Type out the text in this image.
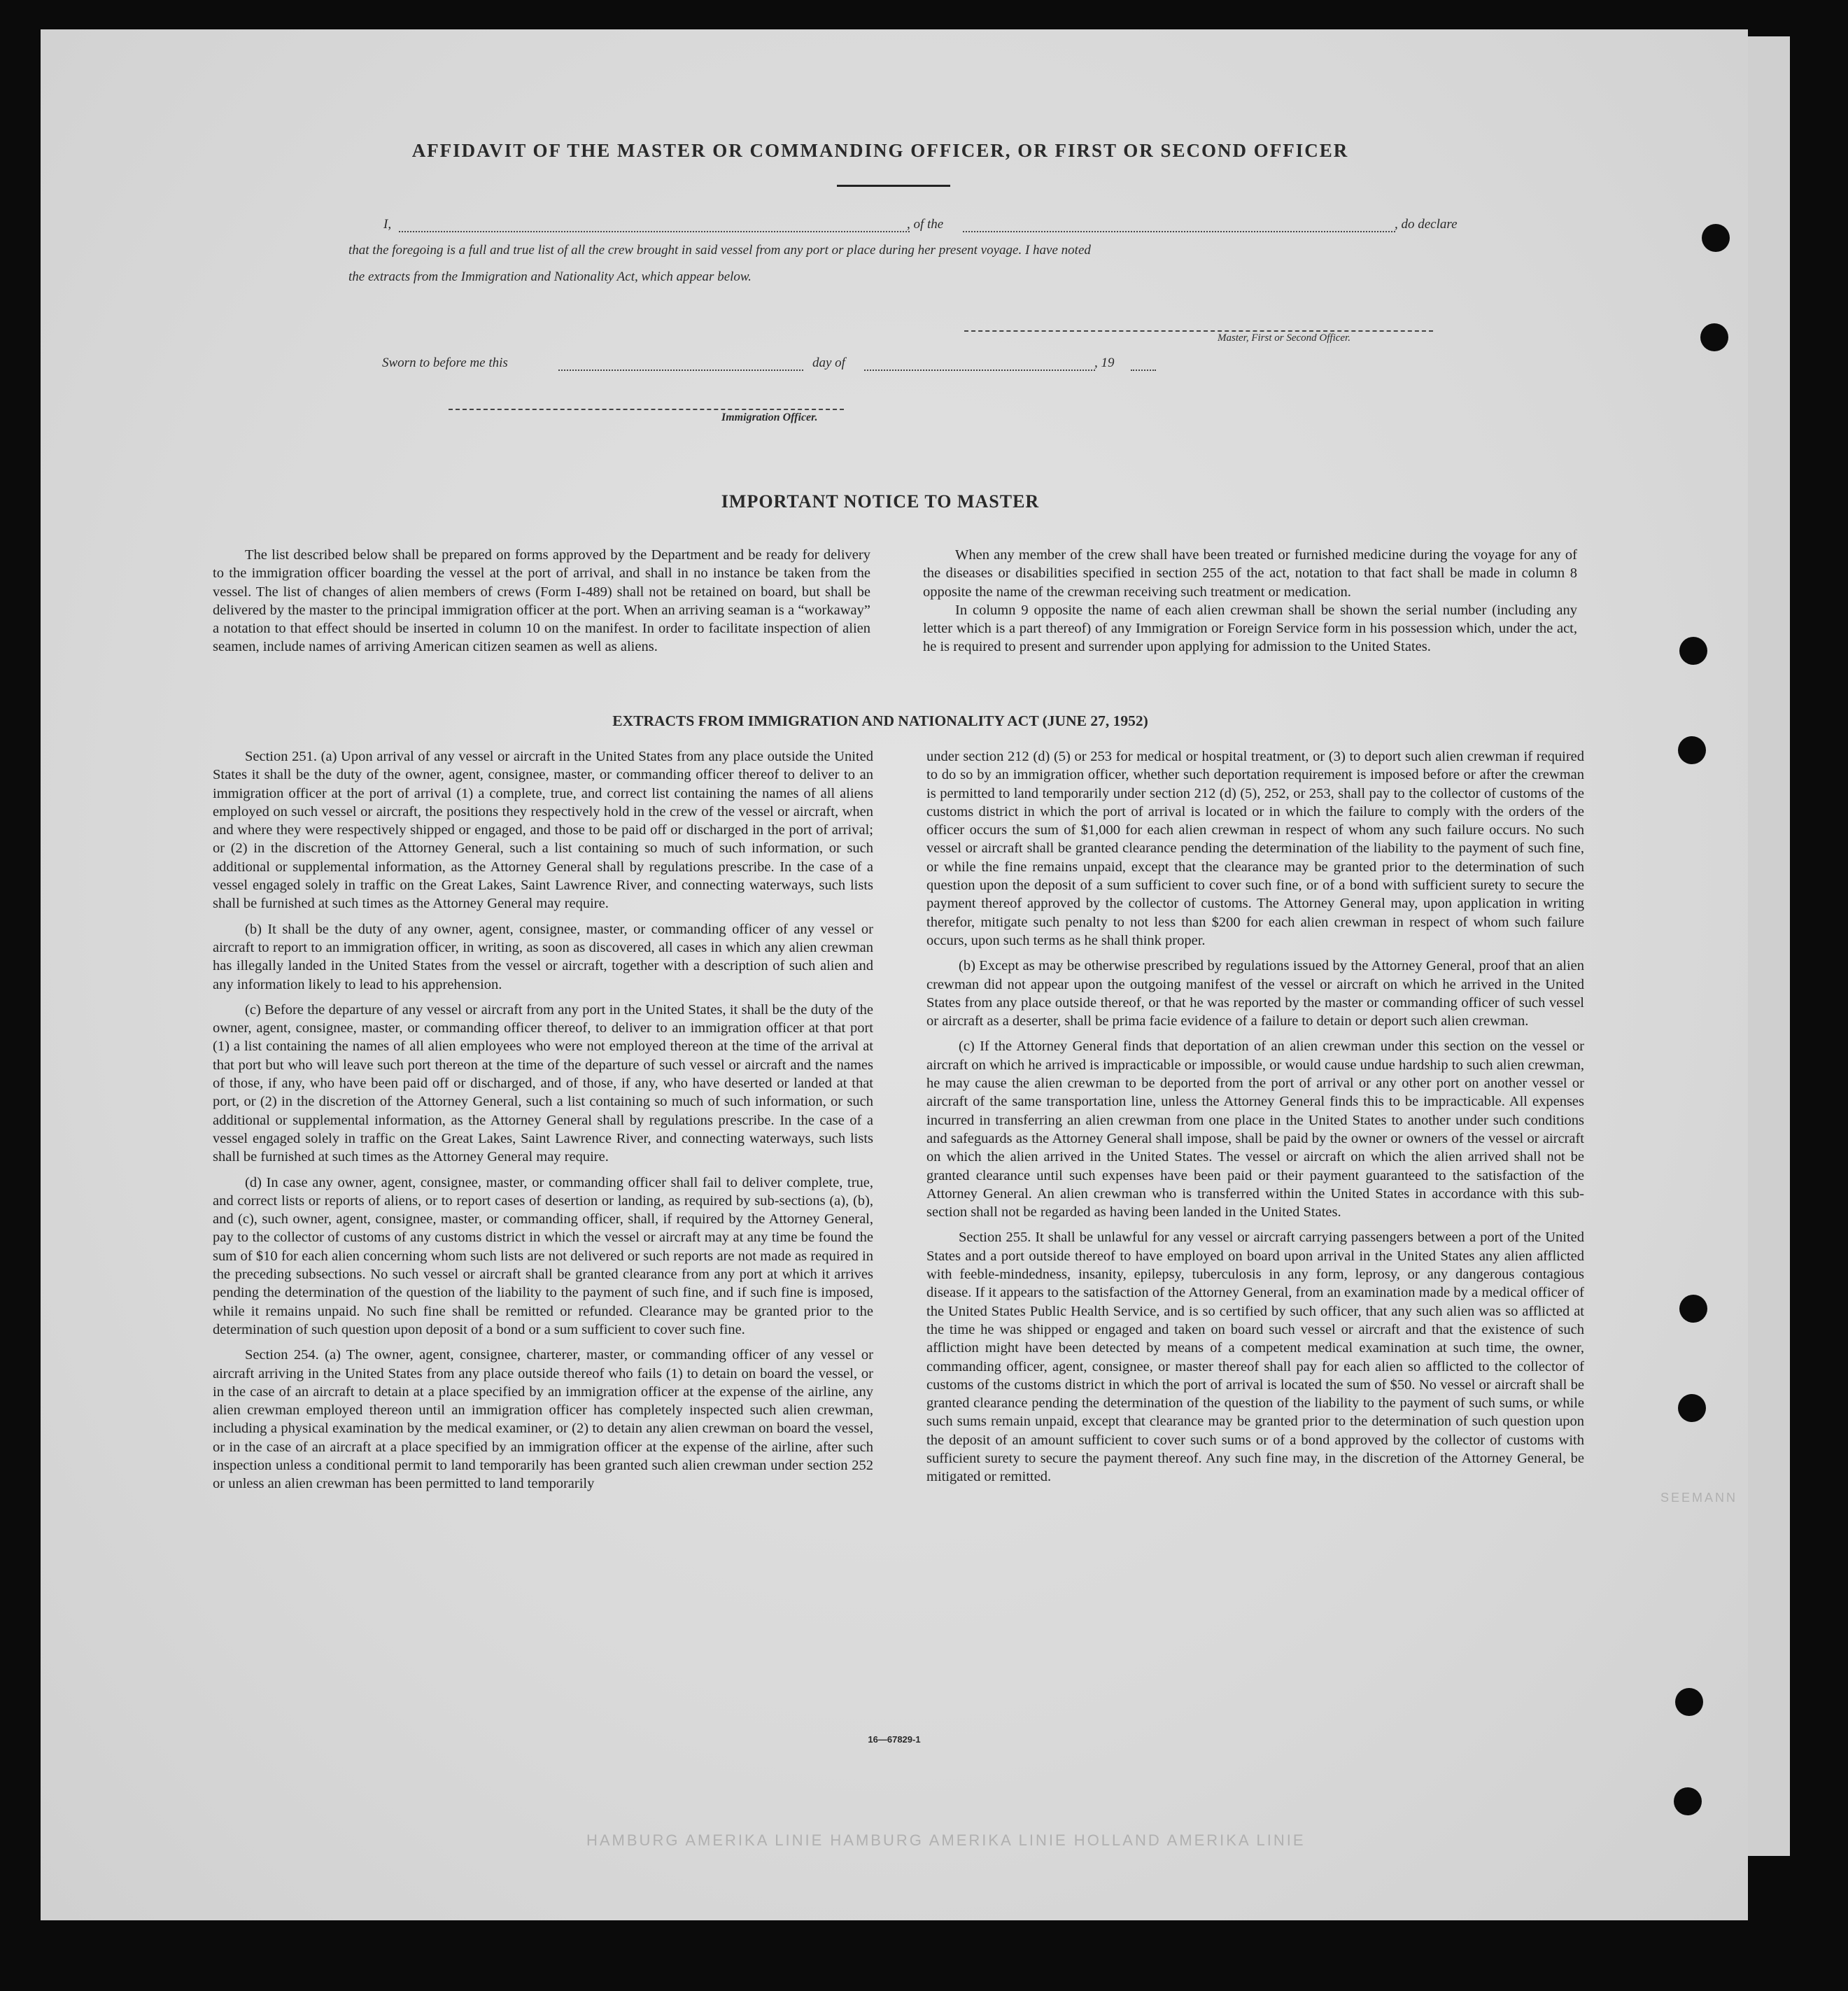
AFFIDAVIT OF THE MASTER OR COMMANDING OFFICER, OR FIRST OR SECOND OFFICER
I,	, of the	, do declare
that the foregoing is a full and true list of all the crew brought in said vessel from any port or place during her present voyage. I have noted
the extracts from the Immigration and Nationality Act, which appear below.
Master, First or Second Officer.
Sworn to before me this	day of	, 19
Immigration Officer.
IMPORTANT NOTICE TO MASTER

The list described below shall be prepared on forms approved by the Department and be ready for delivery to the immigration officer boarding the vessel at the port of arrival, and shall in no instance be taken from the vessel. The list of changes of alien members of crews (Form I-489) shall not be retained on board, but shall be delivered by the master to the principal immigration officer at the port. When an arriving seaman is a “workaway” a notation to that effect should be inserted in column 10 on the manifest. In order to facilitate inspection of alien seamen, include names of arriving American citizen seamen as well as aliens.

When any member of the crew shall have been treated or furnished medicine during the voyage for any of the diseases or disabilities specified in section 255 of the act, notation to that fact shall be made in column 8 opposite the name of the crewman receiving such treatment or medication.

In column 9 opposite the name of each alien crewman shall be shown the serial number (including any letter which is a part thereof) of any Immigration or Foreign Service form in his possession which, under the act, he is required to present and surrender upon applying for admission to the United States.

EXTRACTS FROM IMMIGRATION AND NATIONALITY ACT (JUNE 27, 1952)

Section 251. (a) Upon arrival of any vessel or aircraft in the United States from any place outside the United States it shall be the duty of the owner, agent, consignee, master, or commanding officer thereof to deliver to an immigration officer at the port of arrival (1) a complete, true, and correct list containing the names of all aliens employed on such vessel or aircraft, the positions they respectively hold in the crew of the vessel or aircraft, when and where they were respectively shipped or engaged, and those to be paid off or discharged in the port of arrival; or (2) in the discretion of the Attorney General, such a list containing so much of such information, or such additional or supplemental information, as the Attorney General shall by regulations prescribe. In the case of a vessel engaged solely in traffic on the Great Lakes, Saint Lawrence River, and connecting waterways, such lists shall be furnished at such times as the Attorney General may require.

(b) It shall be the duty of any owner, agent, consignee, master, or commanding officer of any vessel or aircraft to report to an immigration officer, in writing, as soon as discovered, all cases in which any alien crewman has illegally landed in the United States from the vessel or aircraft, together with a description of such alien and any information likely to lead to his apprehension.

(c) Before the departure of any vessel or aircraft from any port in the United States, it shall be the duty of the owner, agent, consignee, master, or commanding officer thereof, to deliver to an immigration officer at that port (1) a list containing the names of all alien employees who were not employed thereon at the time of the arrival at that port but who will leave such port thereon at the time of the departure of such vessel or aircraft and the names of those, if any, who have been paid off or discharged, and of those, if any, who have deserted or landed at that port, or (2) in the discretion of the Attorney General, such a list containing so much of such information, or such additional or supplemental information, as the Attorney General shall by regulations prescribe. In the case of a vessel engaged solely in traffic on the Great Lakes, Saint Lawrence River, and connecting waterways, such lists shall be furnished at such times as the Attorney General may require.

(d) In case any owner, agent, consignee, master, or commanding officer shall fail to deliver complete, true, and correct lists or reports of aliens, or to report cases of desertion or landing, as required by sub-sections (a), (b), and (c), such owner, agent, consignee, master, or commanding officer, shall, if required by the Attorney General, pay to the collector of customs of any customs district in which the vessel or aircraft may at any time be found the sum of $10 for each alien concerning whom such lists are not delivered or such reports are not made as required in the preceding subsections. No such vessel or aircraft shall be granted clearance from any port at which it arrives pending the determination of the question of the liability to the payment of such fine, and if such fine is imposed, while it remains unpaid. No such fine shall be remitted or refunded. Clearance may be granted prior to the determination of such question upon deposit of a bond or a sum sufficient to cover such fine.

Section 254. (a) The owner, agent, consignee, charterer, master, or commanding officer of any vessel or aircraft arriving in the United States from any place outside thereof who fails (1) to detain on board the vessel, or in the case of an aircraft to detain at a place specified by an immigration officer at the expense of the airline, any alien crewman employed thereon until an immigration officer has completely inspected such alien crewman, including a physical examination by the medical examiner, or (2) to detain any alien crewman on board the vessel, or in the case of an aircraft at a place specified by an immigration officer at the expense of the airline, after such inspection unless a conditional permit to land temporarily has been granted such alien crewman under section 252 or unless an alien crewman has been permitted to land temporarily

under section 212 (d) (5) or 253 for medical or hospital treatment, or (3) to deport such alien crewman if required to do so by an immigration officer, whether such deportation requirement is imposed before or after the crewman is permitted to land temporarily under section 212 (d) (5), 252, or 253, shall pay to the collector of customs of the customs district in which the port of arrival is located or in which the failure to comply with the orders of the officer occurs the sum of $1,000 for each alien crewman in respect of whom any such failure occurs. No such vessel or aircraft shall be granted clearance pending the determination of the liability to the payment of such fine, or while the fine remains unpaid, except that the clearance may be granted prior to the determination of such question upon the deposit of a sum sufficient to cover such fine, or of a bond with sufficient surety to secure the payment thereof approved by the collector of customs. The Attorney General may, upon application in writing therefor, mitigate such penalty to not less than $200 for each alien crewman in respect of whom such failure occurs, upon such terms as he shall think proper.

(b) Except as may be otherwise prescribed by regulations issued by the Attorney General, proof that an alien crewman did not appear upon the outgoing manifest of the vessel or aircraft on which he arrived in the United States from any place outside thereof, or that he was reported by the master or commanding officer of such vessel or aircraft as a deserter, shall be prima facie evidence of a failure to detain or deport such alien crewman.

(c) If the Attorney General finds that deportation of an alien crewman under this section on the vessel or aircraft on which he arrived is impracticable or impossible, or would cause undue hardship to such alien crewman, he may cause the alien crewman to be deported from the port of arrival or any other port on another vessel or aircraft of the same transportation line, unless the Attorney General finds this to be impracticable. All expenses incurred in transferring an alien crewman from one place in the United States to another under such conditions and safeguards as the Attorney General shall impose, shall be paid by the owner or owners of the vessel or aircraft on which the alien arrived in the United States. The vessel or aircraft on which the alien arrived shall not be granted clearance until such expenses have been paid or their payment guaranteed to the satisfaction of the Attorney General. An alien crewman who is transferred within the United States in accordance with this sub-section shall not be regarded as having been landed in the United States.

Section 255. It shall be unlawful for any vessel or aircraft carrying passengers between a port of the United States and a port outside thereof to have employed on board upon arrival in the United States any alien afflicted with feeble-mindedness, insanity, epilepsy, tuberculosis in any form, leprosy, or any dangerous contagious disease. If it appears to the satisfaction of the Attorney General, from an examination made by a medical officer of the United States Public Health Service, and is so certified by such officer, that any such alien was so afflicted at the time he was shipped or engaged and taken on board such vessel or aircraft and that the existence of such affliction might have been detected by means of a competent medical examination at such time, the owner, commanding officer, agent, consignee, or master thereof shall pay for each alien so afflicted to the collector of customs of the customs district in which the port of arrival is located the sum of $50. No vessel or aircraft shall be granted clearance pending the determination of the question of the liability to the payment of such sums, or while such sums remain unpaid, except that clearance may be granted prior to the determination of such question upon the deposit of an amount sufficient to cover such sums or of a bond approved by the collector of customs with sufficient surety to secure the payment thereof. Any such fine may, in the discretion of the Attorney General, be mitigated or remitted.

16—67829-1
HAMBURG AMERIKA LINIE HAMBURG AMERIKA LINIE HOLLAND AMERIKA LINIE
SEEMANN
